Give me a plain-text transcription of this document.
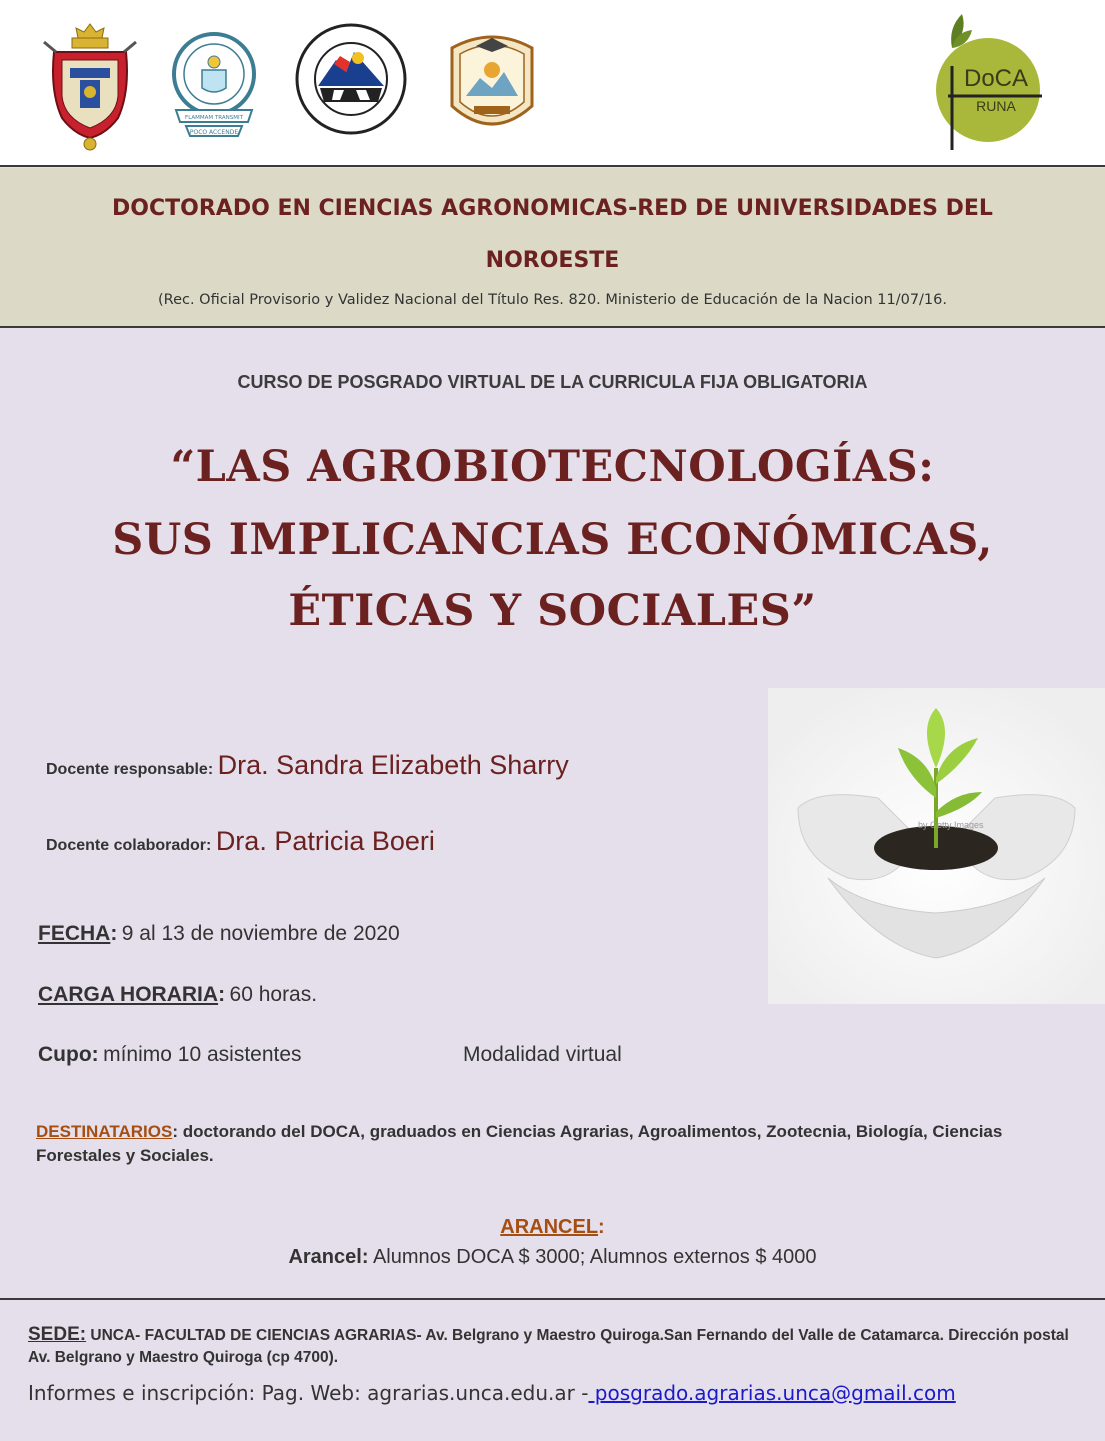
POCO ACCENDE
FLAMMAM TRANSMIT
DoCA
RUNA
DOCTORADO EN CIENCIAS AGRONOMICAS-RED DE UNIVERSIDADES DEL
NOROESTE
(Rec. Oficial Provisorio y Validez Nacional del Título Res. 820. Ministerio de Educación de la Nacion 11/07/16.
CURSO DE POSGRADO VIRTUAL DE LA CURRICULA FIJA OBLIGATORIA
“LAS AGROBIOTECNOLOGÍAS:
SUS IMPLICANCIAS ECONÓMICAS,
ÉTICAS Y SOCIALES”
by Getty Images
Docente responsable: Dra. Sandra Elizabeth Sharry
Docente colaborador: Dra. Patricia Boeri
FECHA: 9 al 13 de noviembre de 2020
CARGA HORARIA: 60 horas.
Cupo: mínimo 10 asistentes	Modalidad virtual
DESTINATARIOS: doctorando del DOCA, graduados en Ciencias Agrarias, Agroalimentos, Zootecnia, Biología, Ciencias Forestales y Sociales.
ARANCEL:
Arancel: Alumnos DOCA $ 3000; Alumnos externos $ 4000
SEDE: UNCA- FACULTAD DE CIENCIAS AGRARIAS- Av. Belgrano y Maestro Quiroga.San Fernando del Valle de Catamarca. Dirección postal Av. Belgrano y Maestro Quiroga (cp 4700).
Informes e inscripción: Pag. Web: agrarias.unca.edu.ar - posgrado.agrarias.unca@gmail.com
